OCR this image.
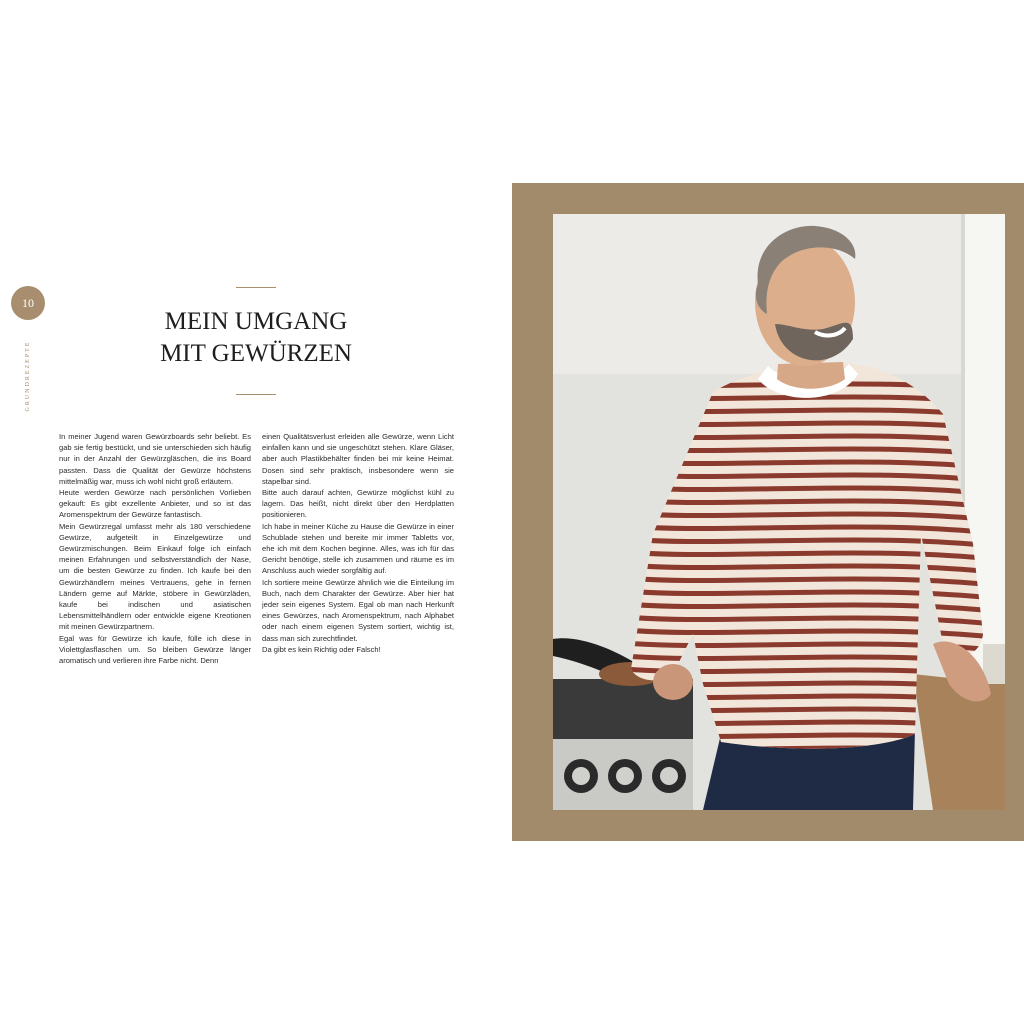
10
GRUNDREZEPTE
MEIN UMGANG
MIT GEWÜRZEN

In meiner Jugend waren Gewürzboards sehr beliebt. Es gab sie fertig bestückt, und sie unterschieden sich häufig nur in der Anzahl der Gewürzgläschen, die ins Board passten. Dass die Qualität der Gewürze höchstens mittelmäßig war, muss ich wohl nicht groß erläutern.

Heute werden Gewürze nach persönlichen Vorlieben gekauft: Es gibt exzellente Anbieter, und so ist das Aromenspektrum der Gewürze fantastisch.

Mein Gewürzregal umfasst mehr als 180 verschiedene Gewürze, aufgeteilt in Einzelgewürze und Gewürzmischungen. Beim Einkauf folge ich einfach meinen Erfahrungen und selbstverständlich der Nase, um die besten Gewürze zu finden. Ich kaufe bei den Gewürzhändlern meines Vertrauens, gehe in fernen Ländern gerne auf Märkte, stöbere in Gewürzläden, kaufe bei indischen und asiatischen Lebensmittelhändlern oder entwickle eigene Kreotionen mit meinen Gewürzpartnern.

Egal was für Gewürze ich kaufe, fülle ich diese in Violettglasflaschen um. So bleiben Gewürze länger aromatisch und verlieren ihre Farbe nicht. Denn

einen Qualitätsverlust erleiden alle Gewürze, wenn Licht einfallen kann und sie ungeschützt stehen. Klare Gläser, aber auch Plastikbehälter finden bei mir keine Heimat. Dosen sind sehr praktisch, insbesondere wenn sie stapelbar sind.

Bitte auch darauf achten, Gewürze möglichst kühl zu lagern. Das heißt, nicht direkt über den Herdplatten positionieren.

Ich habe in meiner Küche zu Hause die Gewürze in einer Schublade stehen und bereite mir immer Tabletts vor, ehe ich mit dem Kochen beginne. Alles, was ich für das Gericht benötige, stelle ich zusammen und räume es im Anschluss auch wieder sorgfältig auf.

Ich sortiere meine Gewürze ähnlich wie die Einteilung im Buch, nach dem Charakter der Gewürze. Aber hier hat jeder sein eigenes System. Egal ob man nach Herkunft eines Gewürzes, nach Aromenspektrum, nach Alphabet oder nach einem eigenen System sortiert, wichtig ist, dass man sich zurechtfindet.

Da gibt es kein Richtig oder Falsch!
